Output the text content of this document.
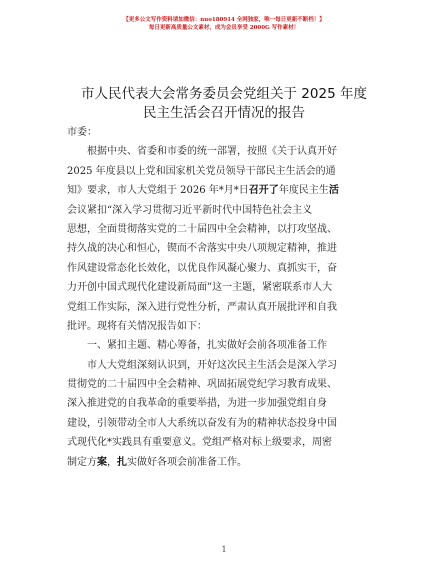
【更多公文写作资料请加微信：nuo180914 全网独家，唯一每日更新不断档！】
每日更新高质量公文素材，成为会员享受 2000G 写作素材！
市人民代表大会常务委员会党组关于 2025 年度
民主生活会召开情况的报告
市委：
根据中央、省委和市委的统一部署，按照《关于认真开好
2025 年度县以上党和国家机关党员领导干部民主生活会的通
知》要求，市人大党组于 2026 年*月*日召开了年度民主生活
会议紧扣“深入学习贯彻习近平新时代中国特色社会主义
思想，全面贯彻落实党的二十届四中全会精神，以打攻坚战、
持久战的决心和恒心，锲而不舍落实中央八项规定精神，推进
作风建设常态化长效化，以优良作风凝心聚力、真抓实干，奋
力开创中国式现代化建设新局面”这一主题，紧密联系市人大
党组工作实际，深入进行党性分析，严肃认真开展批评和自我
批评。现将有关情况报告如下：
一、紧扣主题、精心筹备，扎实做好会前各项准备工作
市人大党组深刻认识到，开好这次民主生活会是深入学习
贯彻党的二十届四中全会精神、巩固拓展党纪学习教育成果、
深入推进党的自我革命的重要举措，为进一步加强党组自身
建设，引领带动全市人大系统以奋发有为的精神状态投身中国
式现代化*实践具有重要意义。党组严格对标上级要求，周密
制定方案，扎实做好各项会前准备工作。
1
